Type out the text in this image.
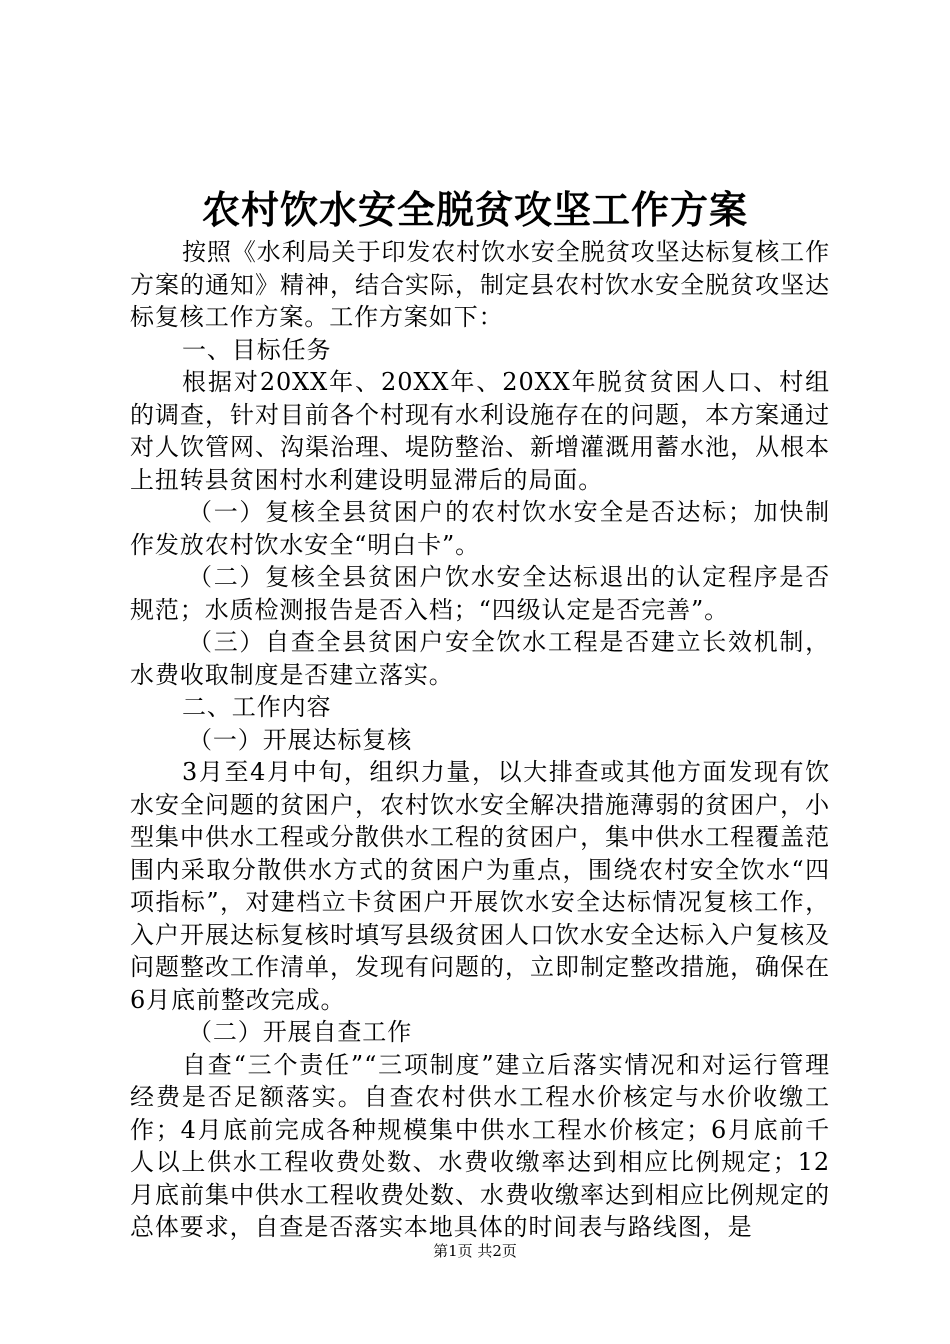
农村饮水安全脱贫攻坚工作方案

按照《水利局关于印发农村饮水安全脱贫攻坚达标复核工作方案的通知》精神，结合实际，制定县农村饮水安全脱贫攻坚达标复核工作方案。工作方案如下：

一、目标任务

根据对20XX年、20XX年、20XX年脱贫贫困人口、村组的调查，针对目前各个村现有水利设施存在的问题，本方案通过对人饮管网、沟渠治理、堤防整治、新增灌溉用蓄水池，从根本上扭转县贫困村水利建设明显滞后的局面。

（一）复核全县贫困户的农村饮水安全是否达标；加快制作发放农村饮水安全“明白卡”。

（二）复核全县贫困户饮水安全达标退出的认定程序是否规范；水质检测报告是否入档；“四级认定是否完善”。

（三）自查全县贫困户安全饮水工程是否建立长效机制，水费收取制度是否建立落实。

二、工作内容

（一）开展达标复核

3月至4月中旬，组织力量，以大排查或其他方面发现有饮水安全问题的贫困户，农村饮水安全解决措施薄弱的贫困户，小型集中供水工程或分散供水工程的贫困户，集中供水工程覆盖范围内采取分散供水方式的贫困户为重点，围绕农村安全饮水“四项指标”，对建档立卡贫困户开展饮水安全达标情况复核工作，入户开展达标复核时填写县级贫困人口饮水安全达标入户复核及问题整改工作清单，发现有问题的，立即制定整改措施，确保在6月底前整改完成。

（二）开展自查工作

自查“三个责任”“三项制度”建立后落实情况和对运行管理经费是否足额落实。自查农村供水工程水价核定与水价收缴工作；4月底前完成各种规模集中供水工程水价核定；6月底前千人以上供水工程收费处数、水费收缴率达到相应比例规定；12月底前集中供水工程收费处数、水费收缴率达到相应比例规定的总体要求，自查是否落实本地具体的时间表与路线图，是

第1页 共2页
